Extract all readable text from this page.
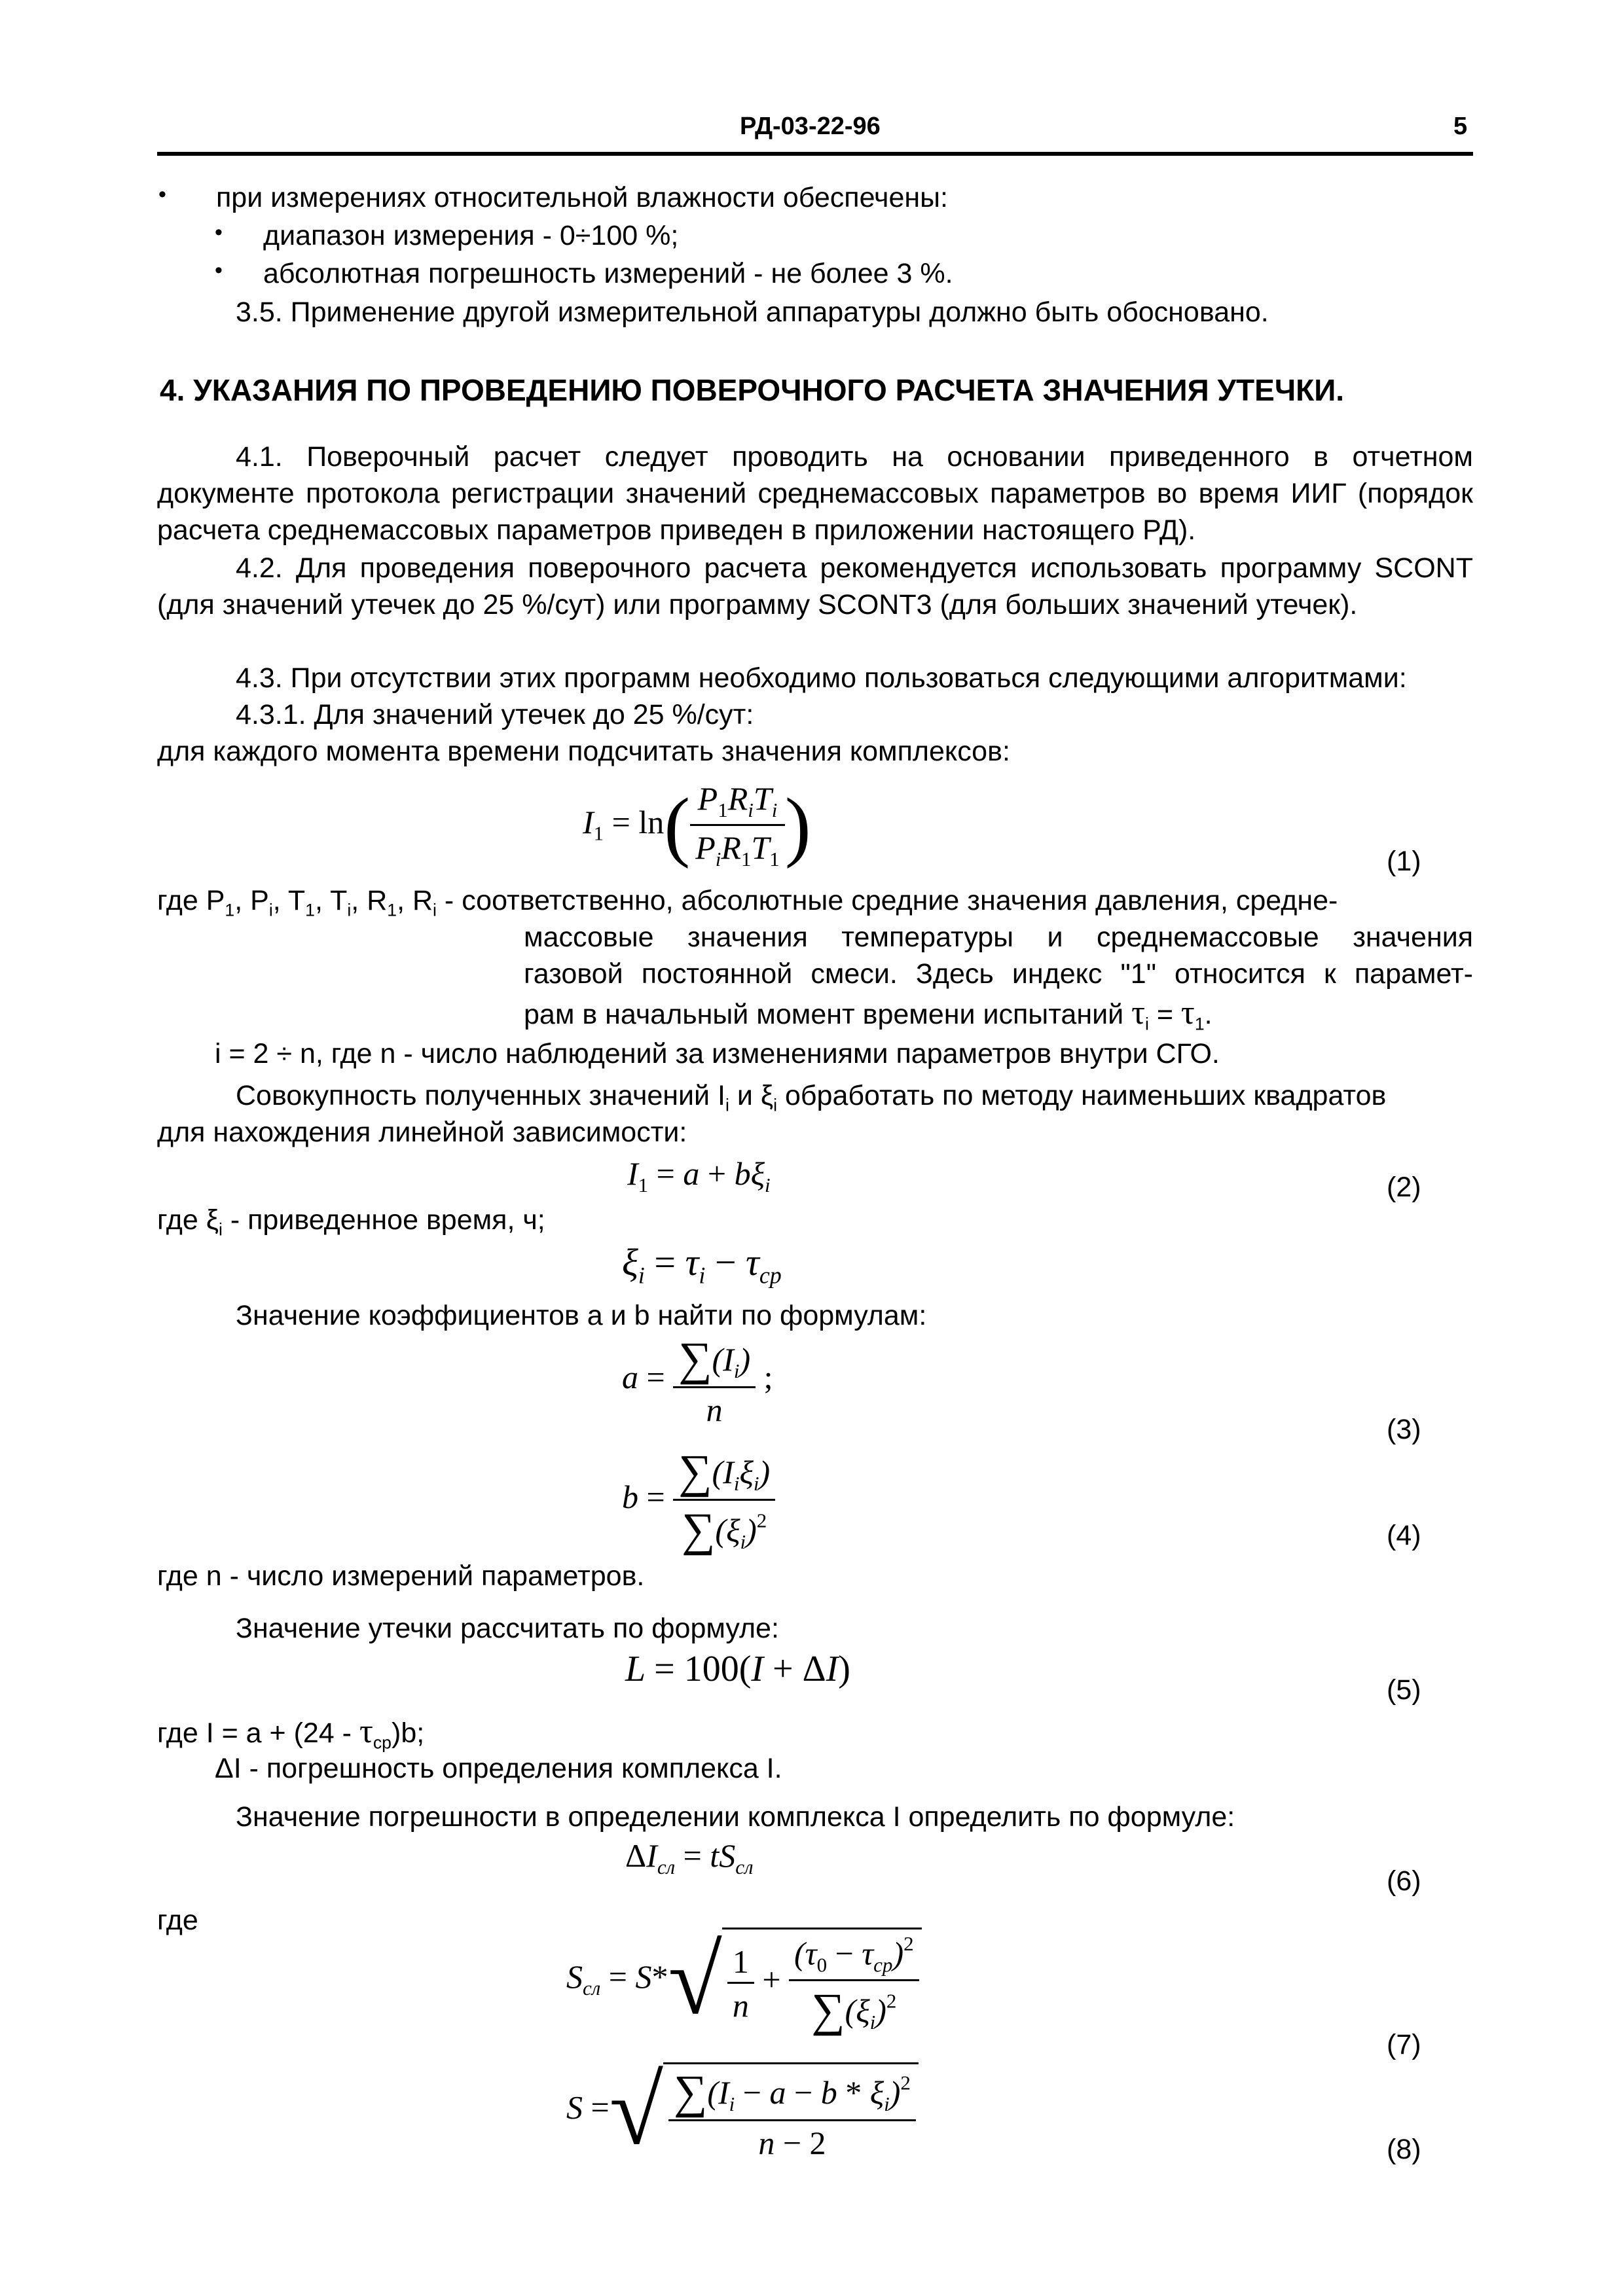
РД-03-22-96	5
• при измерениях относительной влажности обеспечены:
• диапазон измерения - 0÷100 %;
• абсолютная погрешность измерений - не более 3 %.
3.5. Применение другой измерительной аппаратуры должно быть обосновано.
4. УКАЗАНИЯ ПО ПРОВЕДЕНИЮ ПОВЕРОЧНОГО РАСЧЕТА ЗНАЧЕНИЯ УТЕЧКИ.
4.1. Поверочный расчет следует проводить на основании приведенного в отчетном документе протокола регистрации значений среднемассовых параметров во время ИИГ (порядок расчета среднемассовых параметров приведен в приложении настоящего РД).
4.2. Для проведения поверочного расчета рекомендуется использовать программу SCONT (для значений утечек до 25 %/сут) или программу SCONT3 (для больших значений утечек).
4.3. При отсутствии этих программ необходимо пользоваться следующими алгоритмами:
4.3.1. Для значений утечек до 25 %/сут:
для каждого момента времени подсчитать значения комплексов:
$I_1 = \ln( \frac{P_1R_iT_i}{P_iR_1T_1}$ )	(1)
где $P_1$, $P_i$, $T_1$, $T_i$, $R_1$, $R_i$ - соответственно, абсолютные средние значения давления, средне-
массовые значения температуры и среднемассовые значения
газовой постоянной смеси. Здесь индекс "1" относится к парамет-
рам в начальный момент времени испытаний $\tau_i = \tau_1$.
i = 2 ÷ n, где n - число наблюдений за изменениями параметров внутри СГО.
Совокупность полученных значений $I_i$ и $\xi_i$ обработать по методу наименьших квадратов
для нахождения линейной зависимости:
$I_1 = a + b\xi_i$	(2)
где $\xi_i$ - приведенное время, ч;
$\xi_i = \tau_i - \tau_{ср}$
Значение коэффициентов a и b найти по формулам:
$a = \frac{\sum(I_i)}{n}$ ;
(3)
$b = \frac{\sum(I_i\xi_i)}{\sum(\xi_i)^2}$	(4)
где n - число измерений параметров.
Значение утечки рассчитать по формуле:
L = 100(I + ΔI)
(5)
где $I = a + (24 - \tau_{ср})b$;
ΔI - погрешность определения комплекса I.
Значение погрешности в определении комплекса I определить по формуле:
$\Delta I_{сл} = tS_{сл}$	(6)
где
$S_{сл} = S*√ \frac{1}{n} + \frac{(\tau_0 - \tau_{ср})^2}{\sum(\xi_i)^2}$
(7)
S =√ $\frac{\sum(I_i - a - b * \xi_i)^2}{n - 2}$	(8)
